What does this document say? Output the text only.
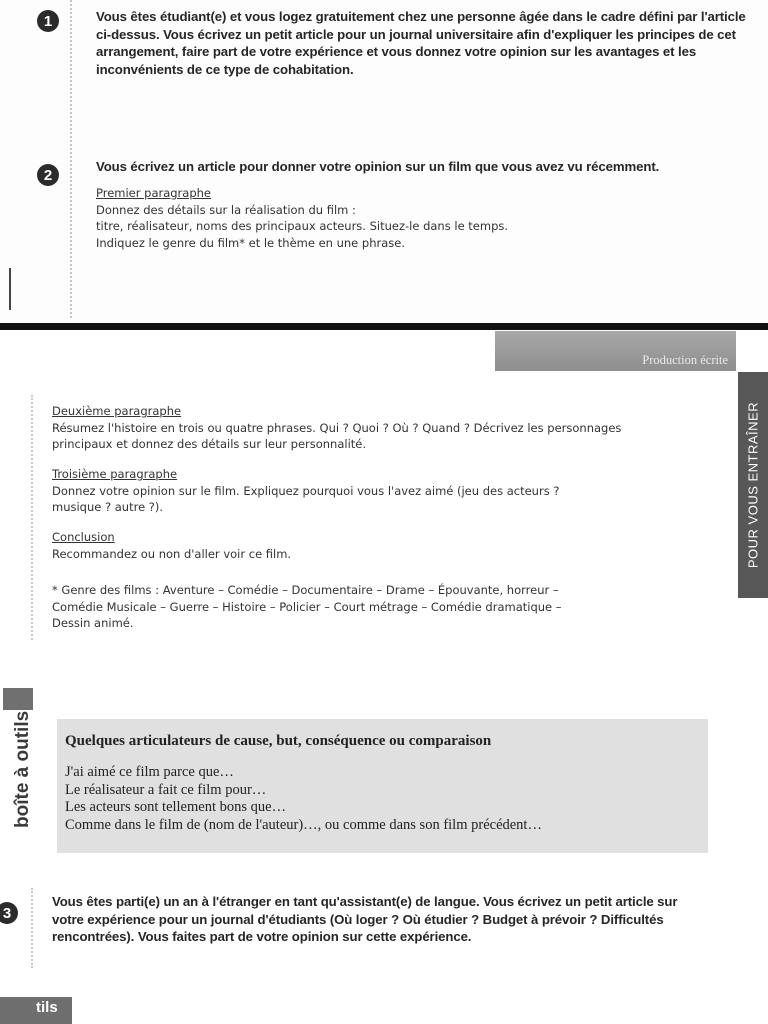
1	Vous êtes étudiant(e) et vous logez gratuitement chez une personne âgée dans le cadre défini par l'article ci-dessus. Vous écrivez un petit article pour un journal universitaire afin d'expliquer les principes de cet arrangement, faire part de votre expérience et vous donnez votre opinion sur les avantages et les inconvénients de ce type de cohabitation.
2	Vous écrivez un article pour donner votre opinion sur un film que vous avez vu récemment.
Premier paragraphe
Donnez des détails sur la réalisation du film :
titre, réalisateur, noms des principaux acteurs. Situez-le dans le temps.
Indiquez le genre du film* et le thème en une phrase.
Production écrite
POUR VOUS ENTRAÎNER
Deuxième paragraphe
Résumez l'histoire en trois ou quatre phrases. Qui ? Quoi ? Où ? Quand ? Décrivez les personnages
principaux et donnez des détails sur leur personnalité.
Troisième paragraphe
Donnez votre opinion sur le film. Expliquez pourquoi vous l'avez aimé (jeu des acteurs ?
musique ? autre ?).
Conclusion
Recommandez ou non d'aller voir ce film.
* Genre des films : Aventure – Comédie – Documentaire – Drame – Épouvante, horreur –
Comédie Musicale – Guerre – Histoire – Policier – Court métrage – Comédie dramatique –
Dessin animé.
boîte à outils Quelques articulateurs de cause, but, conséquence ou comparaison
J'ai aimé ce film parce que…
Le réalisateur a fait ce film pour…
Les acteurs sont tellement bons que…
Comme dans le film de (nom de l'auteur)…, ou comme dans son film précédent…
3
Vous êtes parti(e) un an à l'étranger en tant qu'assistant(e) de langue. Vous écrivez un petit article sur votre expérience pour un journal d'étudiants (Où loger ? Où étudier ? Budget à prévoir ? Difficultés rencontrées). Vous faites part de votre opinion sur cette expérience.
tils
